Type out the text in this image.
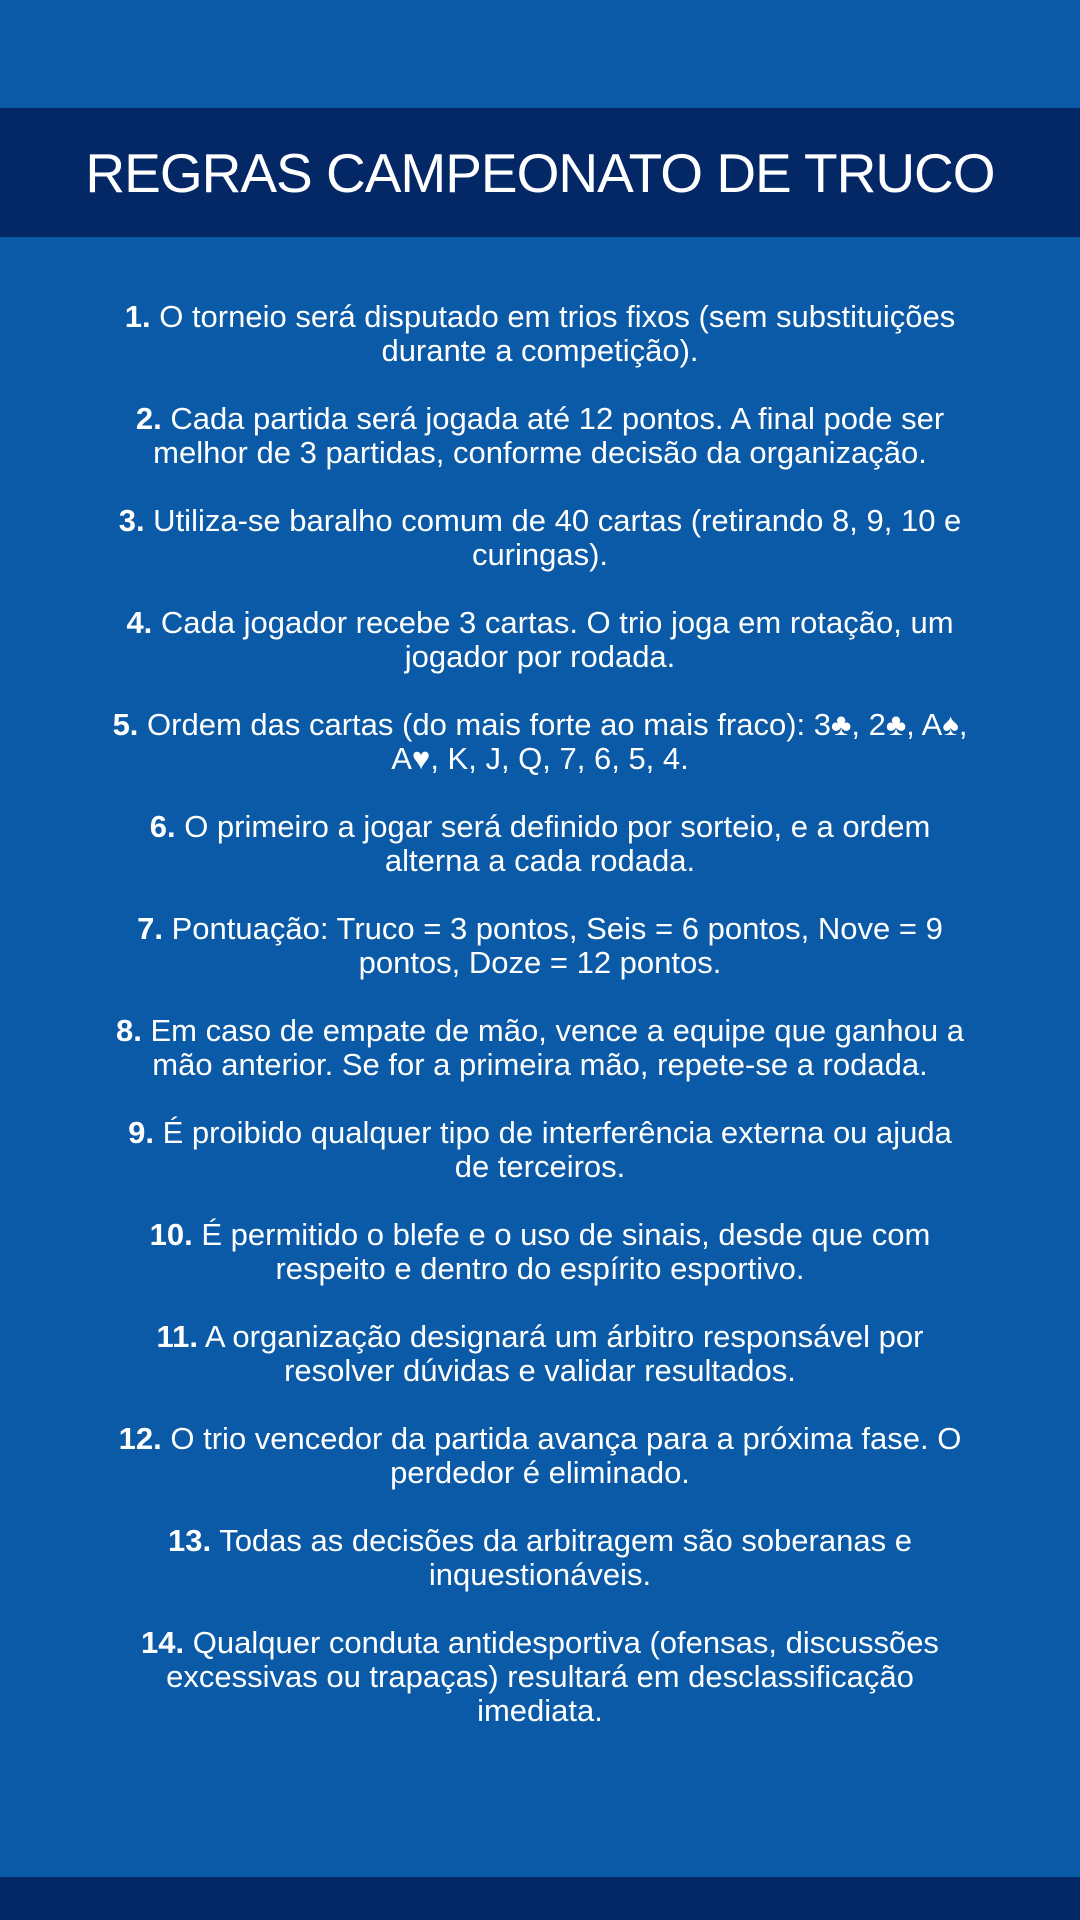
REGRAS CAMPEONATO DE TRUCO
1. O torneio será disputado em trios fixos (sem substituições durante a competição).
2. Cada partida será jogada até 12 pontos. A final pode ser melhor de 3 partidas, conforme decisão da organização.
3. Utiliza-se baralho comum de 40 cartas (retirando 8, 9, 10 e curingas).
4. Cada jogador recebe 3 cartas. O trio joga em rotação, um jogador por rodada.
5. Ordem das cartas (do mais forte ao mais fraco): 3♣, 2♣, A♠, A♥, K, J, Q, 7, 6, 5, 4.
6. O primeiro a jogar será definido por sorteio, e a ordem alterna a cada rodada.
7. Pontuação: Truco = 3 pontos, Seis = 6 pontos, Nove = 9 pontos, Doze = 12 pontos.
8. Em caso de empate de mão, vence a equipe que ganhou a mão anterior. Se for a primeira mão, repete-se a rodada.
9. É proibido qualquer tipo de interferência externa ou ajuda de terceiros.
10. É permitido o blefe e o uso de sinais, desde que com respeito e dentro do espírito esportivo.
11. A organização designará um árbitro responsável por resolver dúvidas e validar resultados.
12. O trio vencedor da partida avança para a próxima fase. O perdedor é eliminado.
13. Todas as decisões da arbitragem são soberanas e inquestionáveis.
14. Qualquer conduta antidesportiva (ofensas, discussões excessivas ou trapaças) resultará em desclassificação imediata.
